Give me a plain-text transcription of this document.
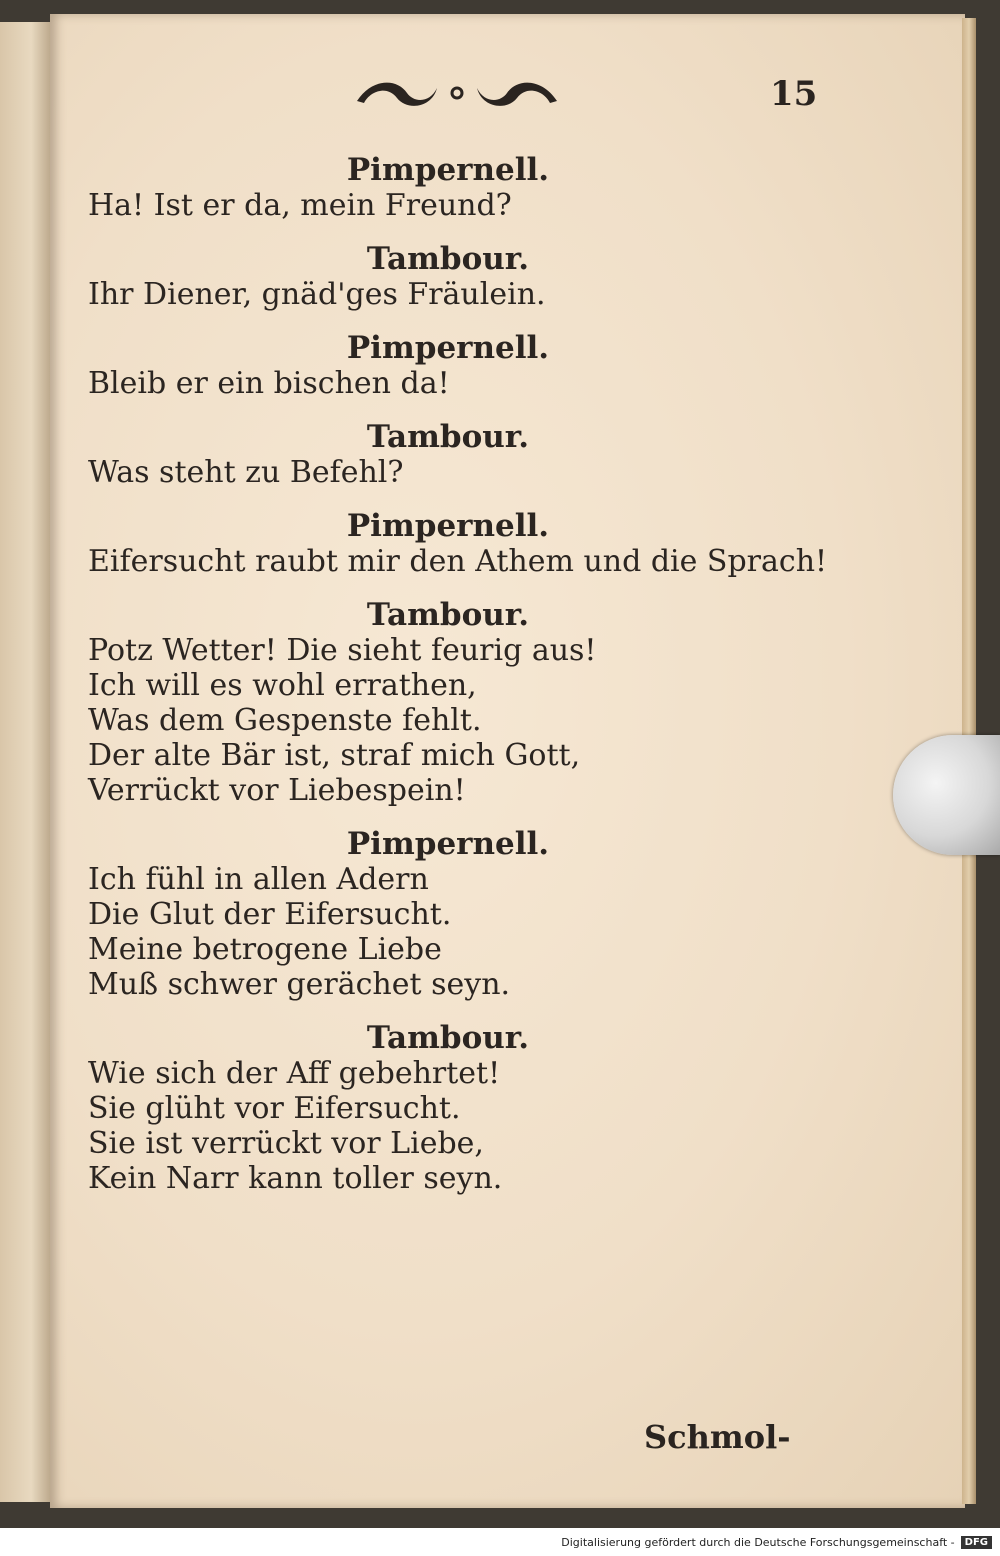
15
Pimpernell.
Ha! Ist er da, mein Freund?
Tambour.
Ihr Diener, gnäd'ges Fräulein.
Pimpernell.
Bleib er ein bischen da!
Tambour.
Was steht zu Befehl?
Pimpernell.
Eifersucht raubt mir den Athem und die Sprach!
Tambour.
Potz Wetter! Die sieht feurig aus!
Ich will es wohl errathen,
Was dem Gespenste fehlt.
Der alte Bär ist, straf mich Gott,
Verrückt vor Liebespein!
Pimpernell.
Ich fühl in allen Adern
Die Glut der Eifersucht.
Meine betrogene Liebe
Muß schwer gerächet seyn.
Tambour.
Wie sich der Aff gebehrtet!
Sie glüht vor Eifersucht.
Sie ist verrückt vor Liebe,
Kein Narr kann toller seyn.
Schmol-
Digitalisierung gefördert durch die Deutsche Forschungsgemeinschaft -	DFG
